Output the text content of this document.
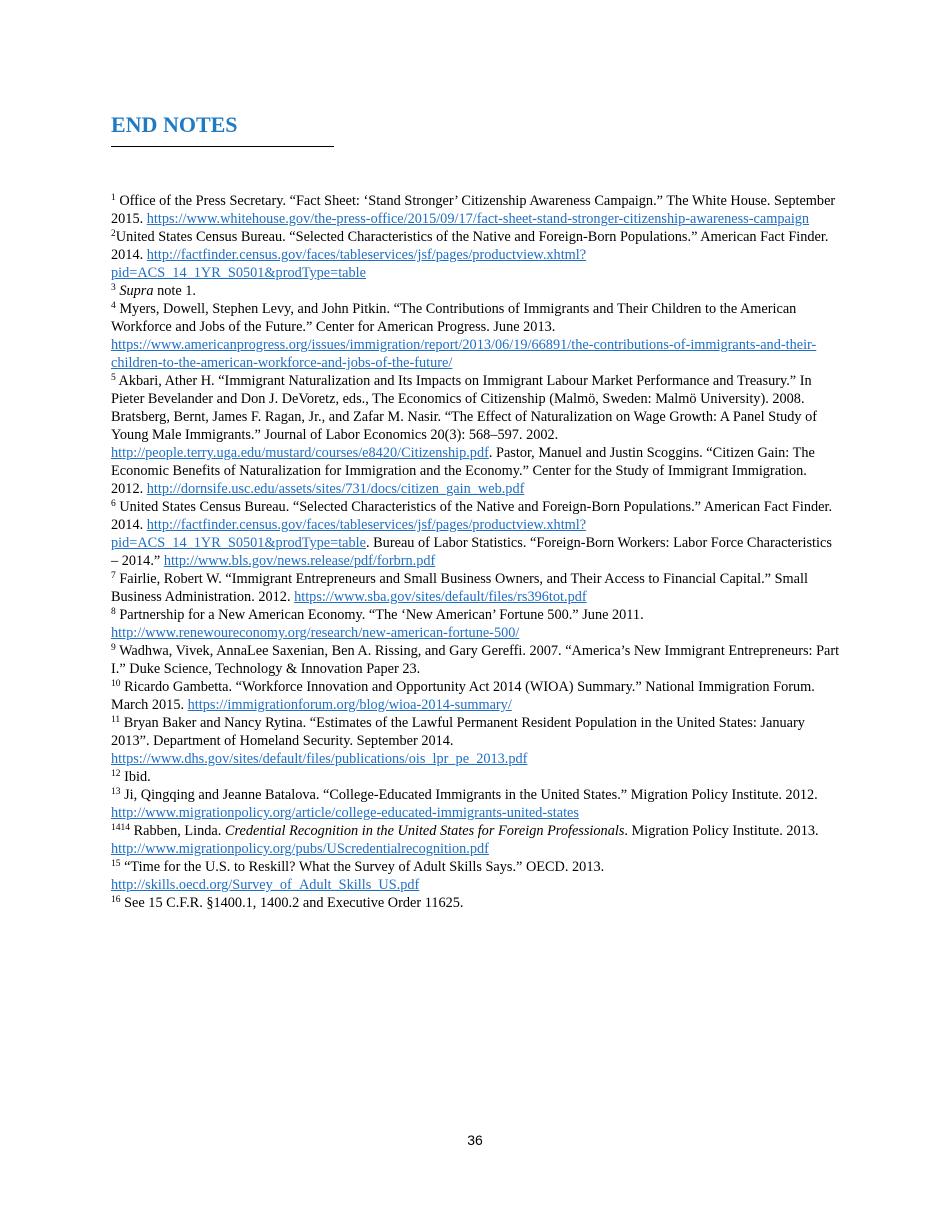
END NOTES

$^1$ Office of the Press Secretary. “Fact Sheet: ‘Stand Stronger’ Citizenship Awareness Campaign.” The White House. September 2015. https://www.whitehouse.gov/the-press-office/2015/09/17/fact-sheet-stand-stronger-citizenship-awareness-campaign

$^2$United States Census Bureau. “Selected Characteristics of the Native and Foreign-Born Populations.” American Fact Finder. 2014. http://factfinder.census.gov/faces/tableservices/jsf/pages/productview.xhtml?pid=ACS_14_1YR_S0501&prodType=table

$^3$ Supra note 1.

$^4$ Myers, Dowell, Stephen Levy, and John Pitkin. “The Contributions of Immigrants and Their Children to the American Workforce and Jobs of the Future.” Center for American Progress. June 2013. https://www.americanprogress.org/issues/immigration/report/2013/06/19/66891/the-contributions-of-immigrants-and-their-children-to-the-american-workforce-and-jobs-of-the-future/

$^5$ Akbari, Ather H. “Immigrant Naturalization and Its Impacts on Immigrant Labour Market Performance and Treasury.” In Pieter Bevelander and Don J. DeVoretz, eds., The Economics of Citizenship (Malmö, Sweden: Malmö University). 2008. Bratsberg, Bernt, James F. Ragan, Jr., and Zafar M. Nasir. “The Effect of Naturalization on Wage Growth: A Panel Study of Young Male Immigrants.” Journal of Labor Economics 20(3): 568–597. 2002. http://people.terry.uga.edu/mustard/courses/e8420/Citizenship.pdf. Pastor, Manuel and Justin Scoggins. “Citizen Gain: The Economic Benefits of Naturalization for Immigration and the Economy.” Center for the Study of Immigrant Immigration. 2012. http://dornsife.usc.edu/assets/sites/731/docs/citizen_gain_web.pdf

$^6$ United States Census Bureau. “Selected Characteristics of the Native and Foreign-Born Populations.” American Fact Finder. 2014. http://factfinder.census.gov/faces/tableservices/jsf/pages/productview.xhtml?pid=ACS_14_1YR_S0501&prodType=table. Bureau of Labor Statistics. “Foreign-Born Workers: Labor Force Characteristics – 2014.” http://www.bls.gov/news.release/pdf/forbrn.pdf

$^7$ Fairlie, Robert W. “Immigrant Entrepreneurs and Small Business Owners, and Their Access to Financial Capital.” Small Business Administration. 2012. https://www.sba.gov/sites/default/files/rs396tot.pdf

$^8$ Partnership for a New American Economy. “The ‘New American’ Fortune 500.” June 2011. http://www.renewoureconomy.org/research/new-american-fortune-500/

$^9$ Wadhwa, Vivek, AnnaLee Saxenian, Ben A. Rissing, and Gary Gereffi. 2007. “America’s New Immigrant Entrepreneurs: Part I.” Duke Science, Technology & Innovation Paper 23.

$^{10}$ Ricardo Gambetta. “Workforce Innovation and Opportunity Act 2014 (WIOA) Summary.” National Immigration Forum. March 2015. https://immigrationforum.org/blog/wioa-2014-summary/

$^{11}$ Bryan Baker and Nancy Rytina. “Estimates of the Lawful Permanent Resident Population in the United States: January 2013”. Department of Homeland Security. September 2014. https://www.dhs.gov/sites/default/files/publications/ois_lpr_pe_2013.pdf

$^{12}$ Ibid.

$^{13}$ Ji, Qingqing and Jeanne Batalova. “College-Educated Immigrants in the United States.” Migration Policy Institute. 2012. http://www.migrationpolicy.org/article/college-educated-immigrants-united-states

$^{1414}$ Rabben, Linda. Credential Recognition in the United States for Foreign Professionals. Migration Policy Institute. 2013. http://www.migrationpolicy.org/pubs/UScredentialrecognition.pdf

$^{15}$ “Time for the U.S. to Reskill? What the Survey of Adult Skills Says.” OECD. 2013. http://skills.oecd.org/Survey_of_Adult_Skills_US.pdf

$^{16}$ See 15 C.F.R. §1400.1, 1400.2 and Executive Order 11625.

36
